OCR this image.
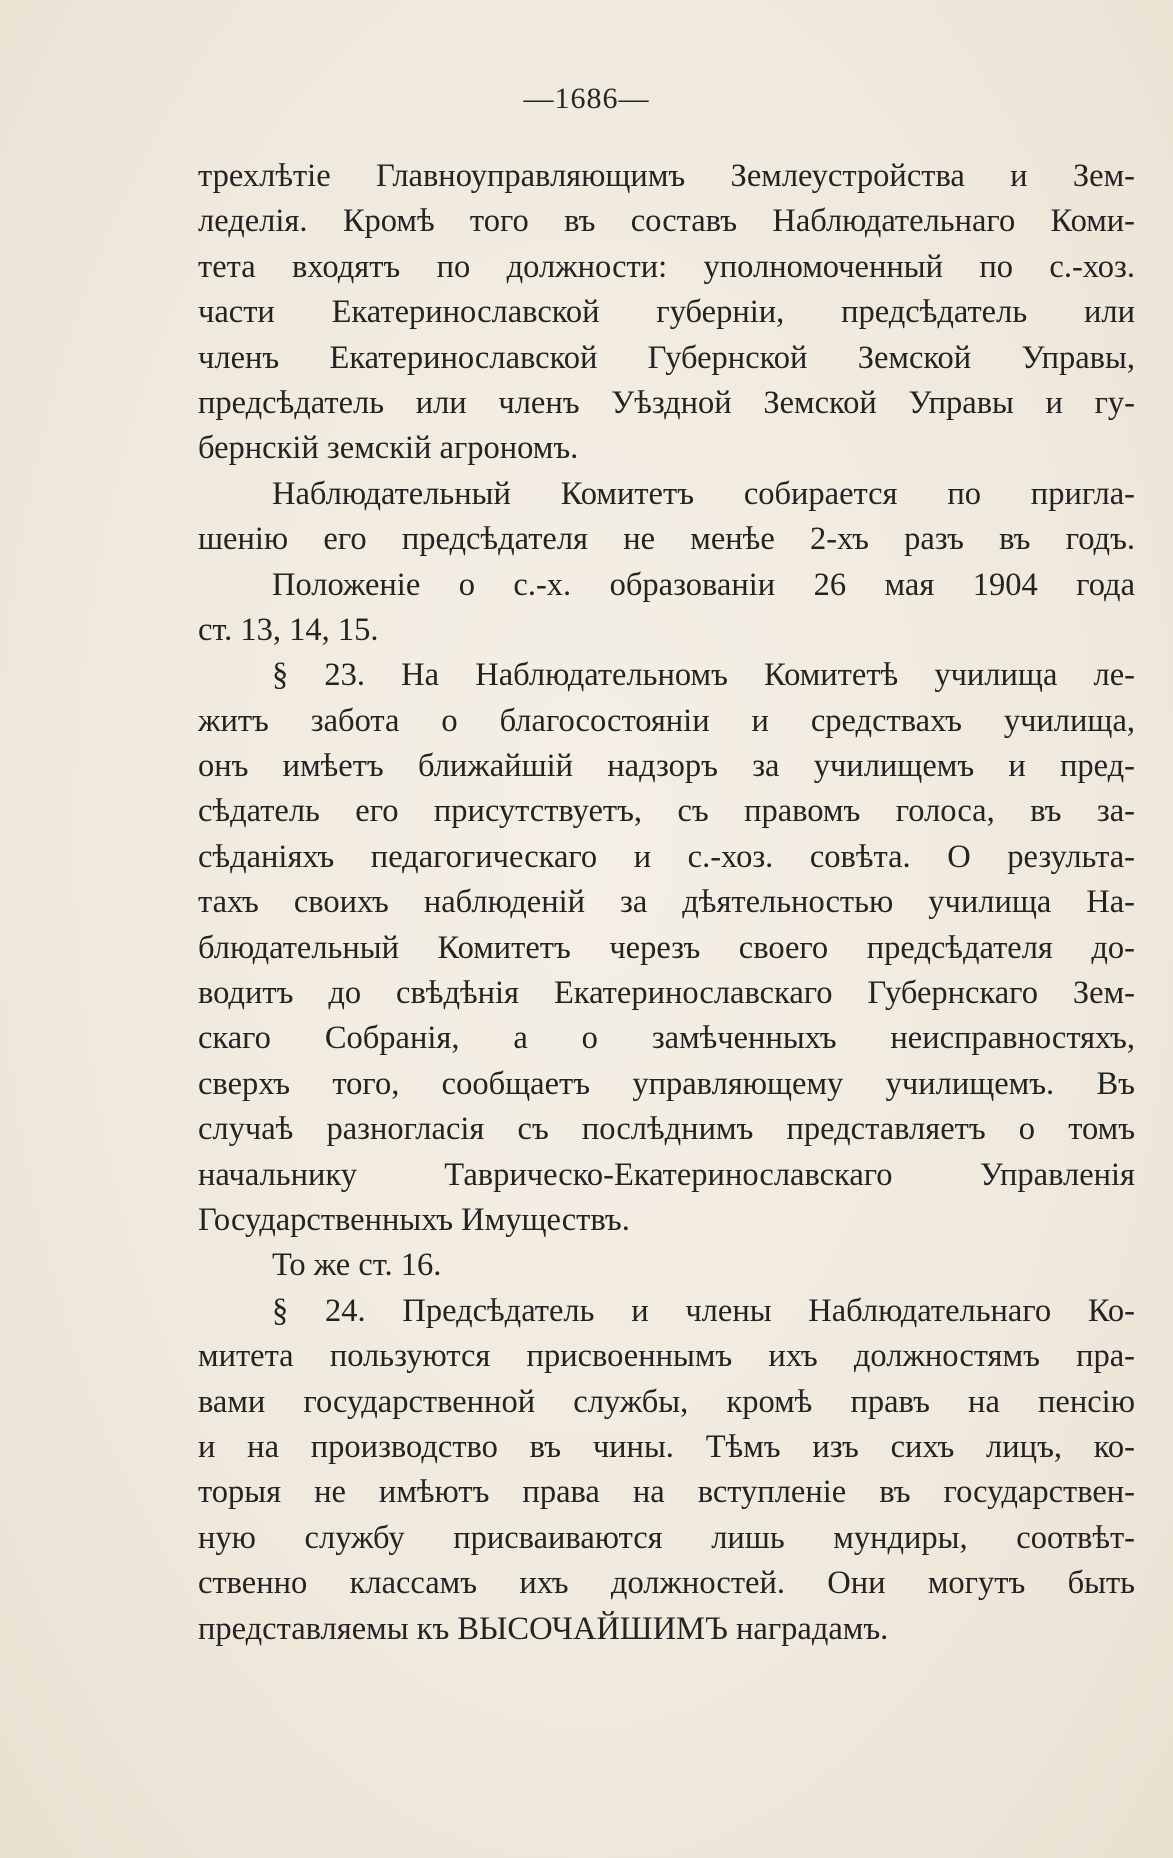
—1686—
трехлѣтіе Главноуправляющимъ Землеустройства и Зем-
леделія. Кромѣ того въ составъ Наблюдательнаго Коми-
тета входятъ по должности: уполномоченный по с.-хоз.
части Екатеринославской губерніи, предсѣдатель или
членъ Екатеринославской Губернской Земской Управы,
предсѣдатель или членъ Уѣздной Земской Управы и гу-
бернскій земскій агрономъ.
Наблюдательный Комитетъ собирается по пригла-
шенію его предсѣдателя не менѣе 2-хъ разъ въ годъ.
Положеніе о с.-х. образованіи 26 мая 1904 года
ст. 13, 14, 15.
§ 23. На Наблюдательномъ Комитетѣ училища ле-
житъ забота о благосостояніи и средствахъ училища,
онъ имѣетъ ближайшій надзоръ за училищемъ и пред-
сѣдатель его присутствуетъ, съ правомъ голоса, въ за-
сѣданіяхъ педагогическаго и с.-хоз. совѣта. О результа-
тахъ своихъ наблюденій за дѣятельностью училища На-
блюдательный Комитетъ черезъ своего предсѣдателя до-
водитъ до свѣдѣнія Екатеринославскаго Губернскаго Зем-
скаго Собранія, а о замѣченныхъ неисправностяхъ,
сверхъ того, сообщаетъ управляющему училищемъ. Въ
случаѣ разногласія съ послѣднимъ представляетъ о томъ
начальнику Таврическо-Екатеринославскаго Управленія
Государственныхъ Имуществъ.
То же ст. 16.
§ 24. Предсѣдатель и члены Наблюдательнаго Ко-
митета пользуются присвоеннымъ ихъ должностямъ пра-
вами государственной службы, кромѣ правъ на пенсію
и на производство въ чины. Тѣмъ изъ сихъ лицъ, ко-
торыя не имѣютъ права на вступленіе въ государствен-
ную службу присваиваются лишь мундиры, соотвѣт-
ственно классамъ ихъ должностей. Они могутъ быть
представляемы къ ВЫСОЧАЙШИМЪ наградамъ.
